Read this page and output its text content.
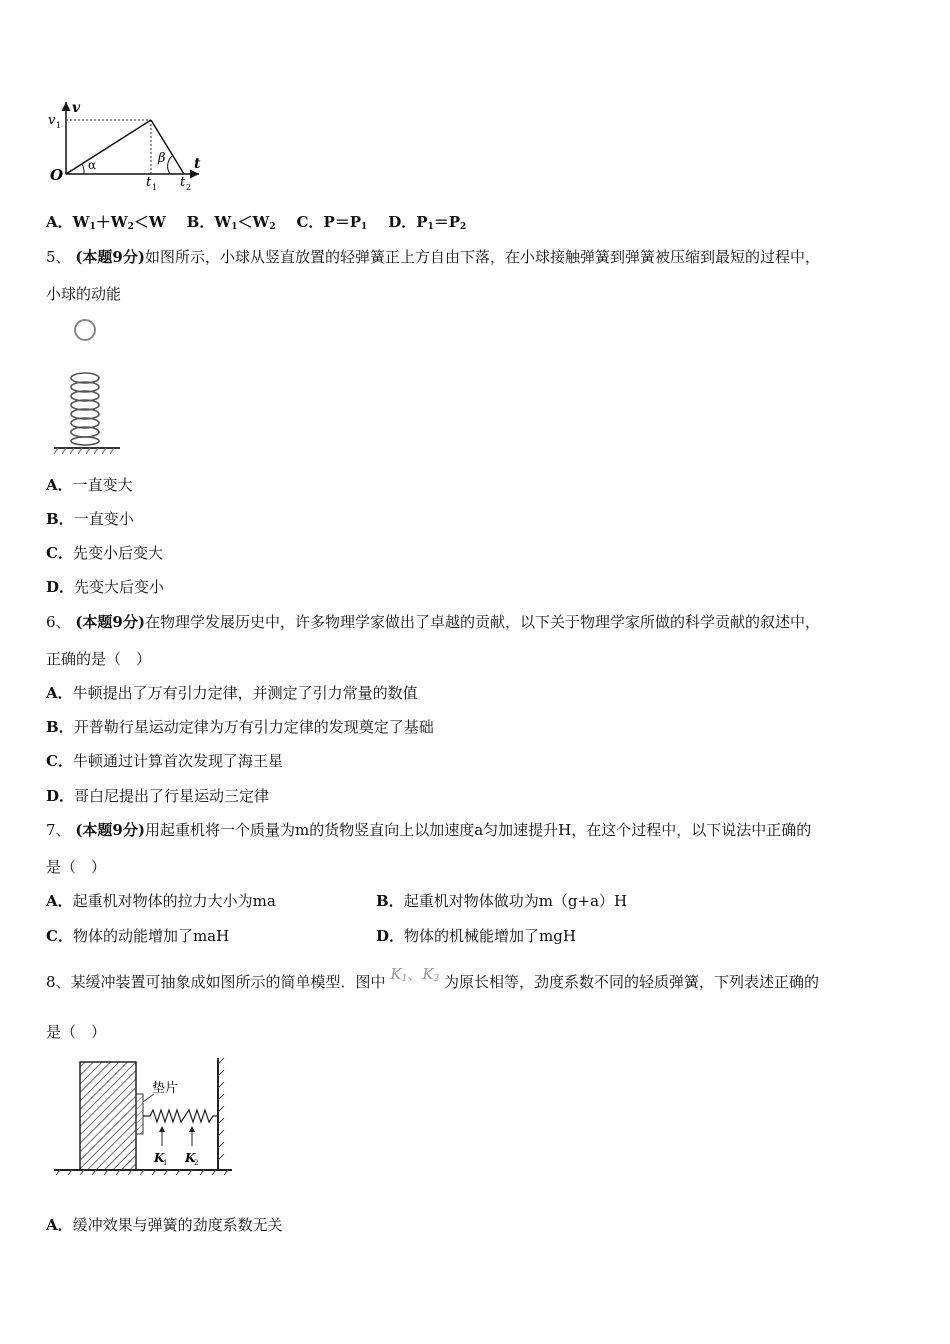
v
v 1
O
α	β t
t 1 t 2
A．$W_1+W_2<W$ B．$W_1<W_2$ C．$P=P_1$ D．$P_1=P_2$
5、 (本题9分)如图所示，小球从竖直放置的轻弹簧正上方自由下落，在小球接触弹簧到弹簧被压缩到最短的过程中，
小球的动能
A．一直变大
B．一直变小
C．先变小后变大
D．先变大后变小
6、 (本题9分)在物理学发展历史中，许多物理学家做出了卓越的贡献，以下关于物理学家所做的科学贡献的叙述中，
正确的是（　）
A．牛顿提出了万有引力定律，并测定了引力常量的数值
B．开普勒行星运动定律为万有引力定律的发现奠定了基础
C．牛顿通过计算首次发现了海王星
D．哥白尼提出了行星运动三定律
7、 (本题9分)用起重机将一个质量为m的货物竖直向上以加速度a匀加速提升H，在这个过程中，以下说法中正确的
是（　）
A．起重机对物体的拉力大小为ma	B．起重机对物体做功为m（g+a）H
C．物体的动能增加了maH	D．物体的机械能增加了mgH
8、某缓冲装置可抽象成如图所示的简单模型．图中 $K_1$、$K_2$ 为原长相等，劲度系数不同的轻质弹簧，下列表述正确的
是（　）
垫片
K
1 K
2
A．缓冲效果与弹簧的劲度系数无关
